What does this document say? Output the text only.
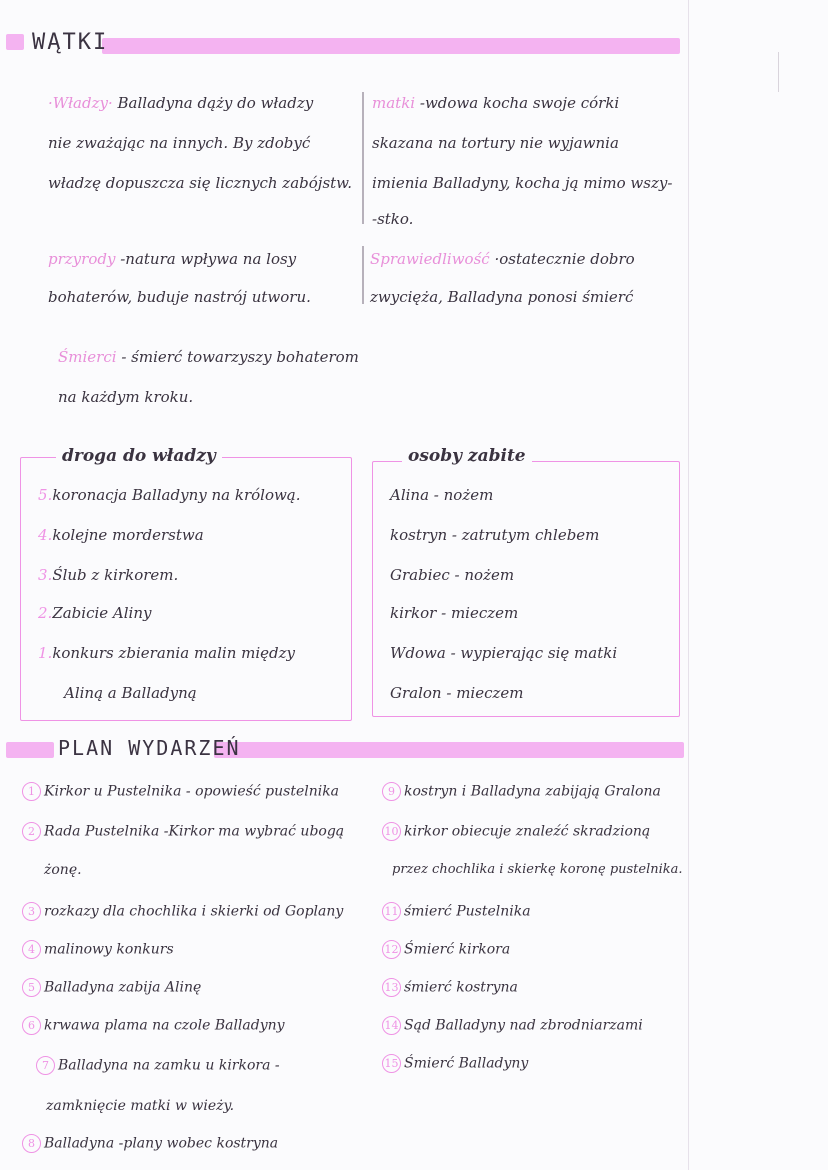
WĄTKI
·Władzy· Balladyna dąży do władzy
nie zważając na innych. By zdobyć
władzę dopuszcza się licznych zabójstw.
matki -wdowa kocha swoje córki
skazana na tortury nie wyjawnia
imienia Balladyny, kocha ją mimo wszy-
-stko.
przyrody -natura wpływa na losy
bohaterów, buduje nastrój utworu.
Sprawiedliwość ·ostatecznie dobro
zwycięża, Balladyna ponosi śmierć
Śmierci - śmierć towarzyszy bohaterom
na każdym kroku.
droga do władzy
5.koronacja Balladyny na królową.
4.kolejne morderstwa
3.Ślub z kirkorem.
2.Zabicie Aliny
1.konkurs zbierania malin między
Aliną a Balladyną
osoby zabite
Alina - nożem
kostryn - zatrutym chlebem
Grabiec - nożem
kirkor - mieczem
Wdowa - wypierając się matki
Gralon - mieczem
PLAN WYDARZEŃ
1 Kirkor u Pustelnika - opowieść pustelnika
2 Rada Pustelnika -Kirkor ma wybrać ubogą
żonę.
3 rozkazy dla chochlika i skierki od Goplany
4 malinowy konkurs
5 Balladyna zabija Alinę
6 krwawa plama na czole Balladyny
7 Balladyna na zamku u kirkora -
zamknięcie matki w wieży.
8 Balladyna -plany wobec kostryna
9 kostryn i Balladyna zabijają Gralona
10 kirkor obiecuje znaleźć skradzioną
przez chochlika i skierkę koronę pustelnika.
11 śmierć Pustelnika
12 Śmierć kirkora
13 śmierć kostryna
14 Sąd Balladyny nad zbrodniarzami
15 Śmierć Balladyny
